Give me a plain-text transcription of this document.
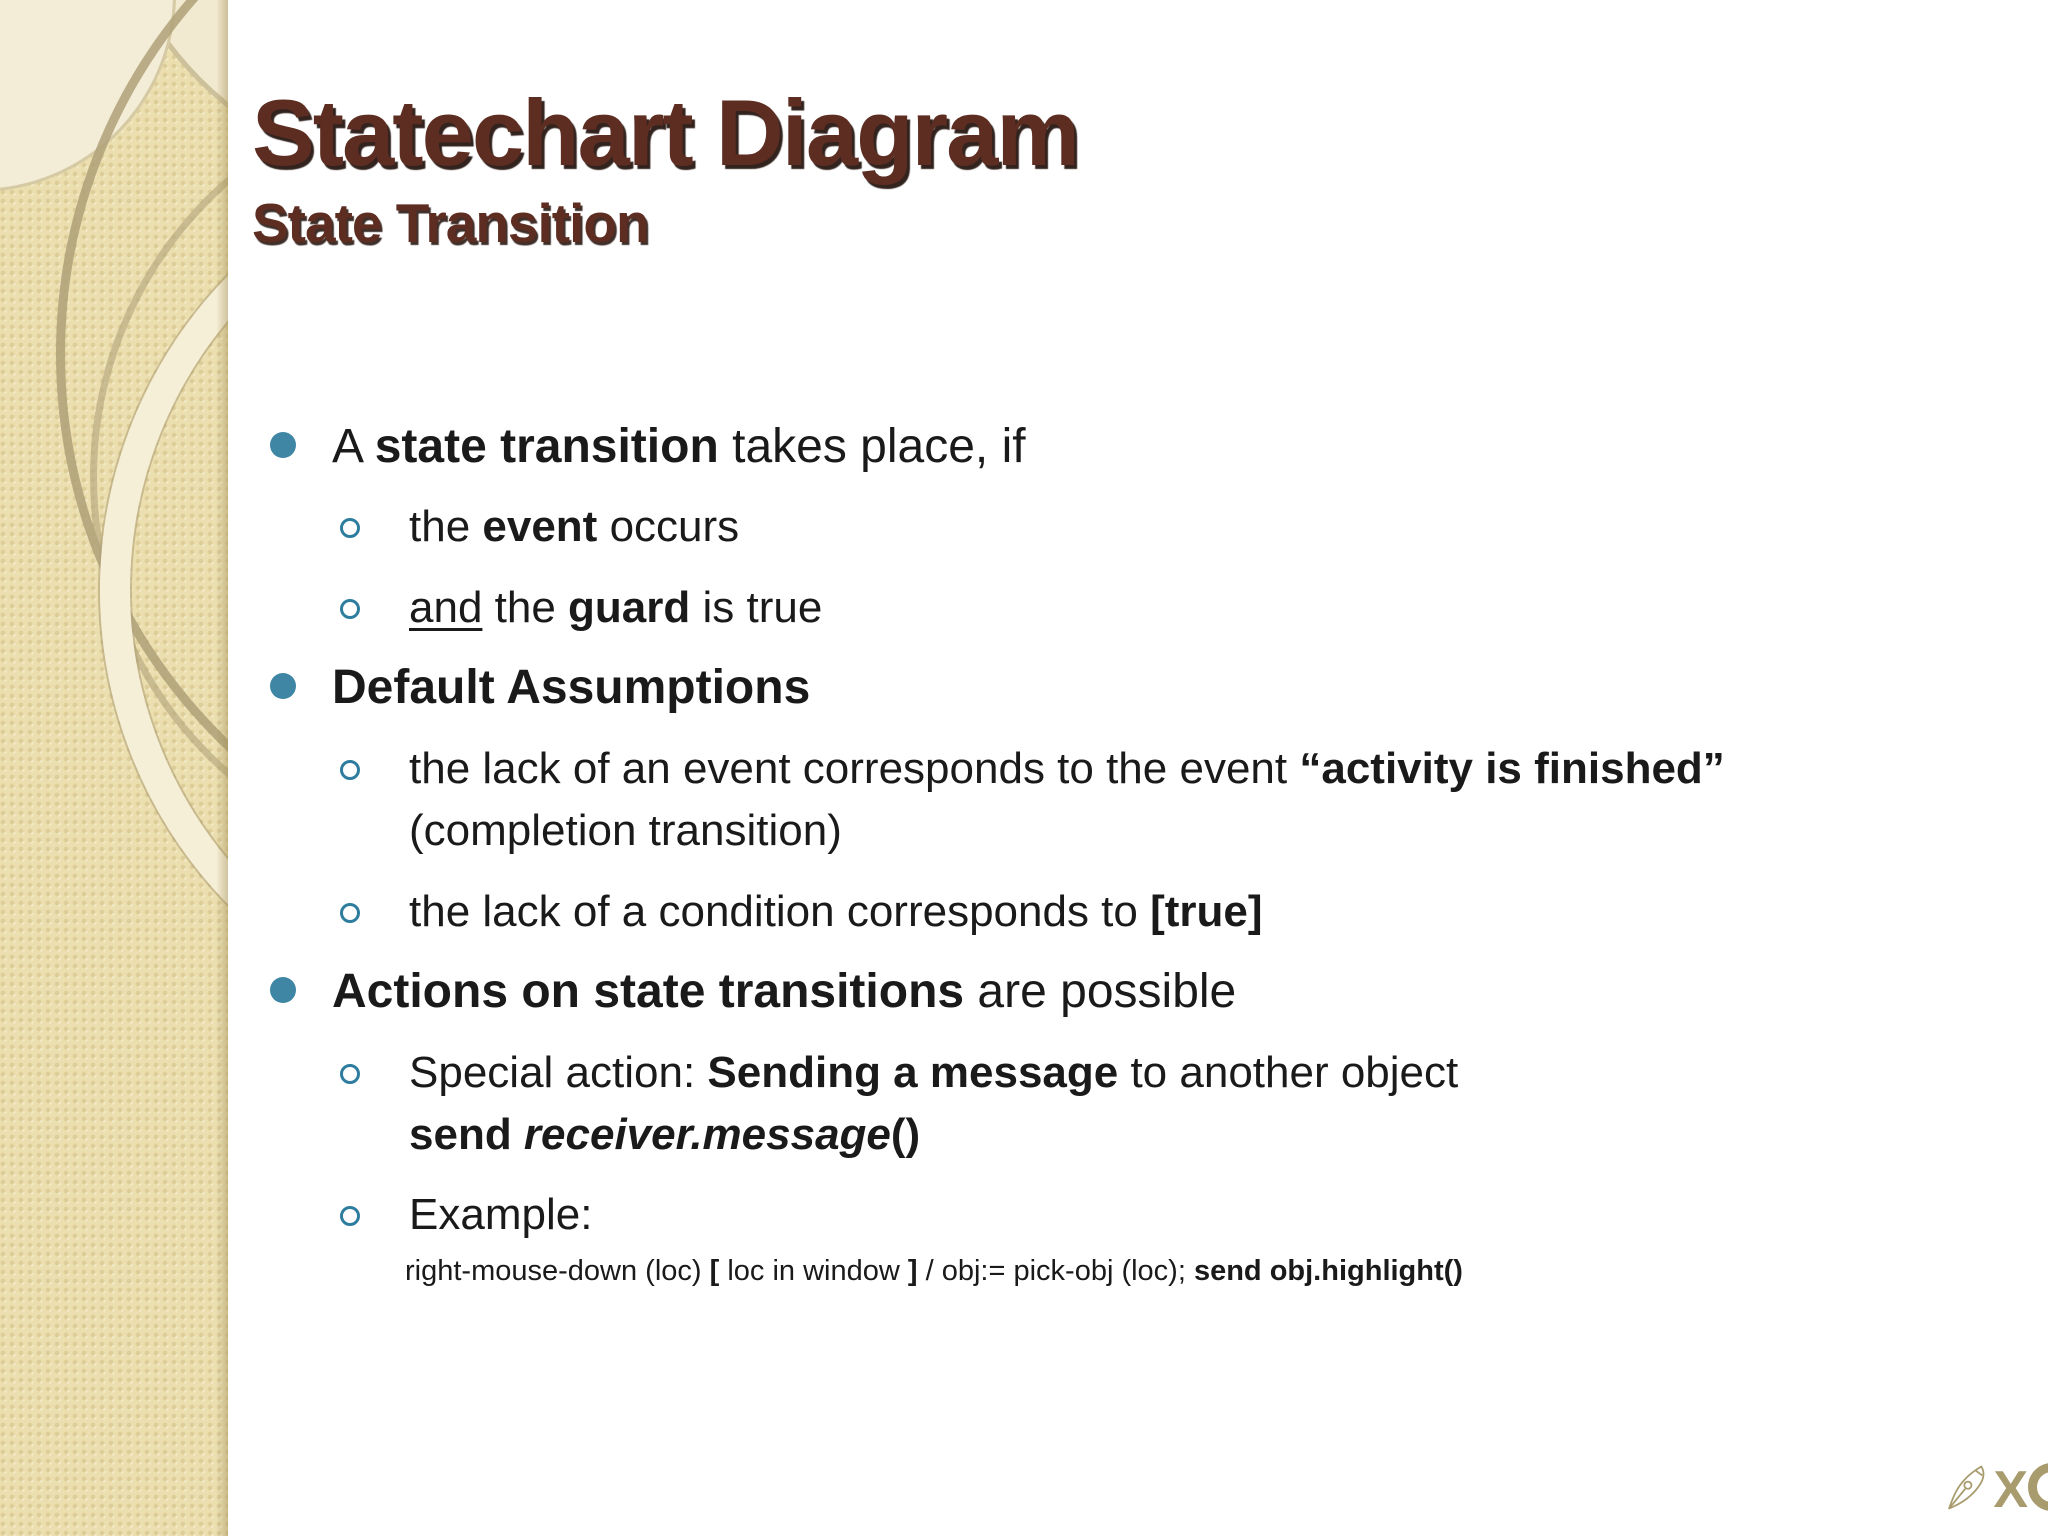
Statechart Diagram
State Transition
A state transition takes place, if
the event occurs
and the guard is true
Default Assumptions
the lack of an event corresponds to the event “activity is finished”
(completion transition)
the lack of a condition corresponds to [true]
Actions on state transitions are possible
Special action: Sending a message to another object
send receiver.message()
Example:
right-mouse-down (loc) [ loc in window ] / obj:= pick-obj (loc); send obj.highlight()
X
